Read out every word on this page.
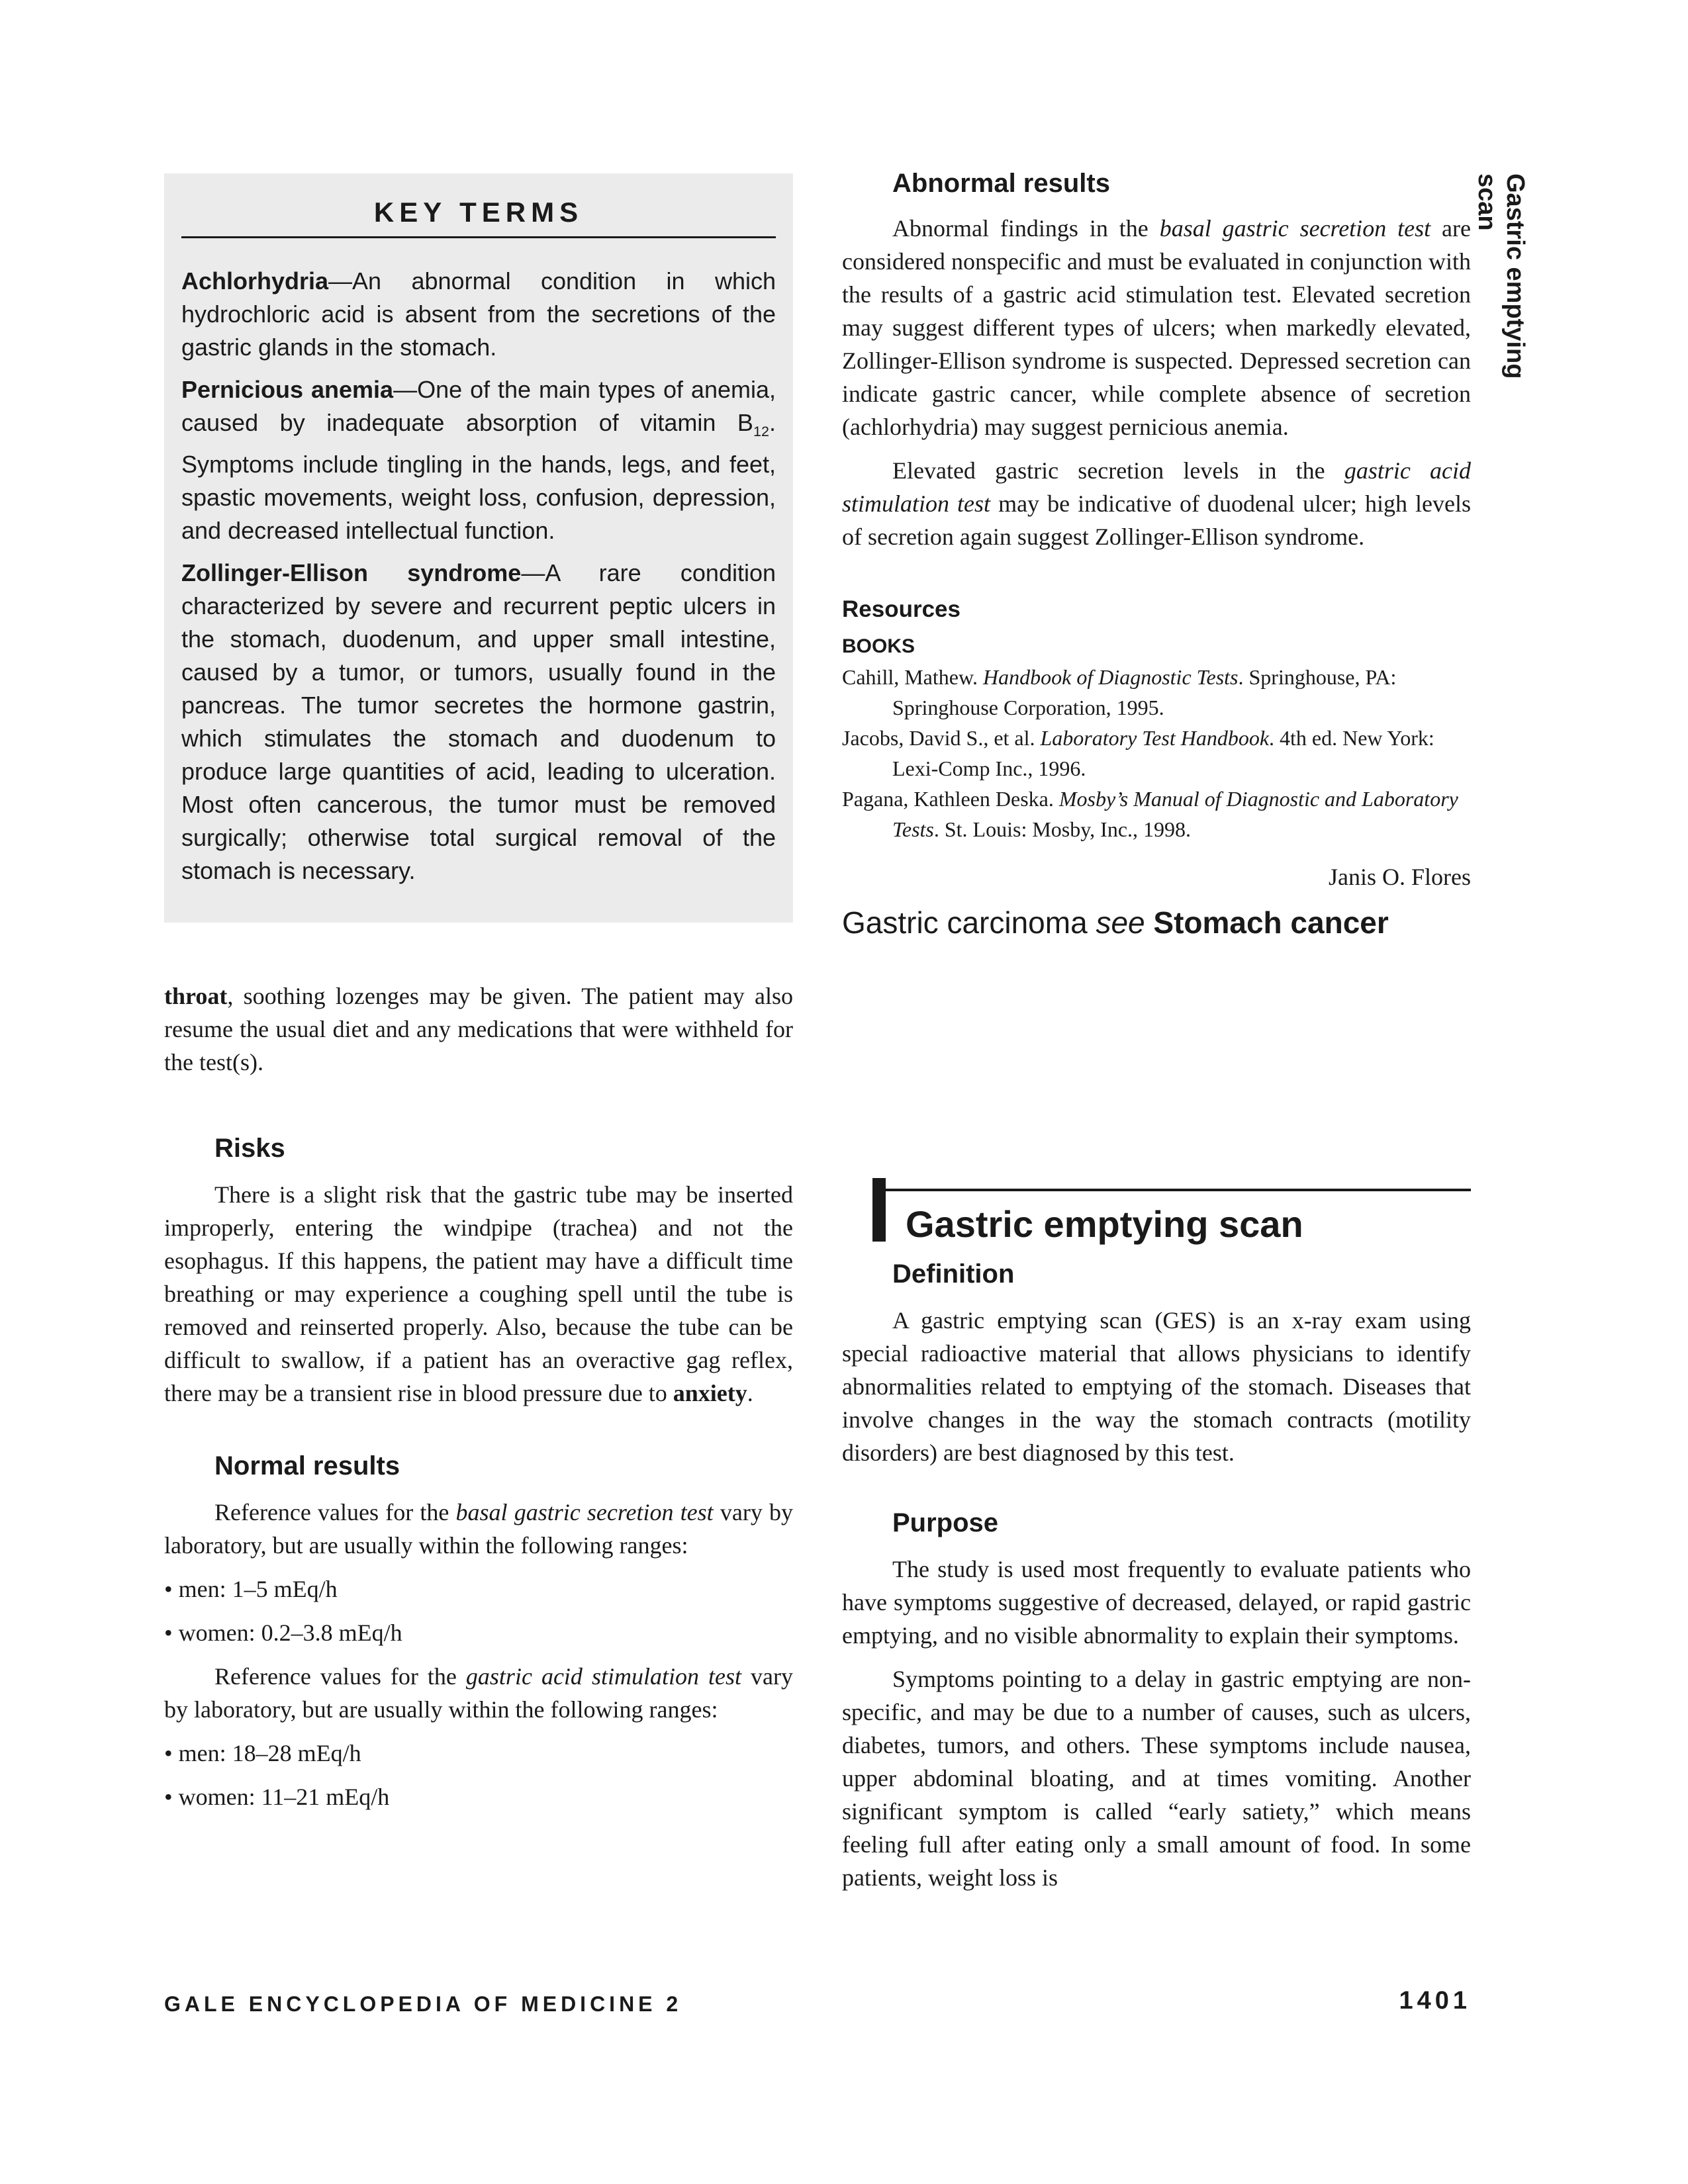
KEY TERMS

Achlorhydria—An abnormal condition in which hydrochloric acid is absent from the secretions of the gastric glands in the stomach.

Pernicious anemia—One of the main types of anemia, caused by inadequate absorption of vitamin $B_{12}$. Symptoms include tingling in the hands, legs, and feet, spastic movements, weight loss, confusion, depression, and decreased intellectual function.

Zollinger-Ellison syndrome—A rare condition characterized by severe and recurrent peptic ulcers in the stomach, duodenum, and upper small intestine, caused by a tumor, or tumors, usually found in the pancreas. The tumor secretes the hormone gastrin, which stimulates the stomach and duodenum to produce large quantities of acid, leading to ulceration. Most often cancerous, the tumor must be removed surgically; otherwise total surgical removal of the stomach is necessary.

throat, soothing lozenges may be given. The patient may also resume the usual diet and any medications that were withheld for the test(s).

Risks

There is a slight risk that the gastric tube may be inserted improperly, entering the windpipe (trachea) and not the esophagus. If this happens, the patient may have a difficult time breathing or may experience a coughing spell until the tube is removed and reinserted properly. Also, because the tube can be difficult to swallow, if a patient has an overactive gag reflex, there may be a transient rise in blood pressure due to anxiety.

Normal results

Reference values for the basal gastric secretion test vary by laboratory, but are usually within the following ranges:

• men: 1–5 mEq/h

• women: 0.2–3.8 mEq/h

Reference values for the gastric acid stimulation test vary by laboratory, but are usually within the following ranges:

• men: 18–28 mEq/h

• women: 11–21 mEq/h

Abnormal results

Abnormal findings in the basal gastric secretion test are considered nonspecific and must be evaluated in conjunction with the results of a gastric acid stimulation test. Elevated secretion may suggest different types of ulcers; when markedly elevated, Zollinger-Ellison syndrome is suspected. Depressed secretion can indicate gastric cancer, while complete absence of secretion (achlorhydria) may suggest pernicious anemia.

Elevated gastric secretion levels in the gastric acid stimulation test may be indicative of duodenal ulcer; high levels of secretion again suggest Zollinger-Ellison syndrome.

Resources

BOOKS

Cahill, Mathew. Handbook of Diagnostic Tests. Springhouse, PA: Springhouse Corporation, 1995.

Jacobs, David S., et al. Laboratory Test Handbook. 4th ed. New York: Lexi-Comp Inc., 1996.

Pagana, Kathleen Deska. Mosby’s Manual of Diagnostic and Laboratory Tests. St. Louis: Mosby, Inc., 1998.

Janis O. Flores

Gastric carcinoma see Stomach cancer

Gastric emptying scan

Definition

A gastric emptying scan (GES) is an x-ray exam using special radioactive material that allows physicians to identify abnormalities related to emptying of the stomach. Diseases that involve changes in the way the stomach contracts (motility disorders) are best diagnosed by this test.

Purpose

The study is used most frequently to evaluate patients who have symptoms suggestive of decreased, delayed, or rapid gastric emptying, and no visible abnormality to explain their symptoms.

Symptoms pointing to a delay in gastric emptying are non-specific, and may be due to a number of causes, such as ulcers, diabetes, tumors, and others. These symptoms include nausea, upper abdominal bloating, and at times vomiting. Another significant symptom is called “early satiety,” which means feeling full after eating only a small amount of food. In some patients, weight loss is

Gastric emptying scan
GALE ENCYCLOPEDIA OF MEDICINE 2	1401
